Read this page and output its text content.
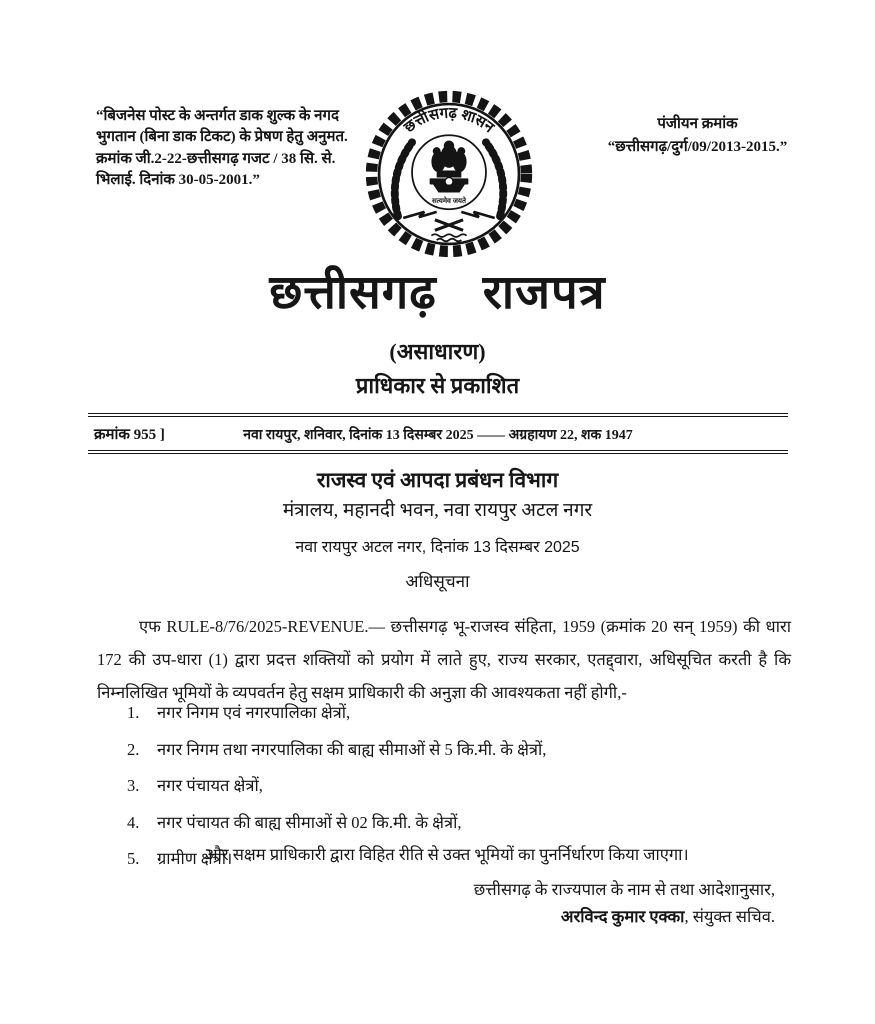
“बिजनेस पोस्ट के अन्तर्गत डाक शुल्क के नगद भुगतान (बिना डाक टिकट) के प्रेषण हेतु अनुमत. क्रमांक जी.2-22-छत्तीसगढ़ गजट / 38 सि. से. भिलाई. दिनांक 30-05-2001.”
पंजीयन क्रमांक
“छत्तीसगढ़/दुर्ग/09/2013-2015.”
छत्तीसगढ़ शासन
सत्यमेव जयते
छत्तीसगढ़ राजपत्र
(असाधारण)
प्राधिकार से प्रकाशित
क्रमांक 955 ]	नवा रायपुर, शनिवार, दिनांक 13 दिसम्बर 2025 —— अग्रहायण 22, शक 1947
राजस्व एवं आपदा प्रबंधन विभाग
मंत्रालय, महानदी भवन, नवा रायपुर अटल नगर
नवा रायपुर अटल नगर, दिनांक 13 दिसम्बर 2025
अधिसूचना
एफ RULE-8/76/2025-REVENUE.— छत्तीसगढ़ भू-राजस्व संहिता, 1959 (क्रमांक 20 सन् 1959) की धारा 172 की उप-धारा (1) द्वारा प्रदत्त शक्तियों को प्रयोग में लाते हुए, राज्य सरकार, एतद्द्वारा, अधिसूचित करती है कि निम्नलिखित भूमियों के व्यपवर्तन हेतु सक्षम प्राधिकारी की अनुज्ञा की आवश्यकता नहीं होगी,-
1.	नगर निगम एवं नगरपालिका क्षेत्रों,
2.	नगर निगम तथा नगरपालिका की बाह्य सीमाओं से 5 कि.मी. के क्षेत्रों,
3.	नगर पंचायत क्षेत्रों,
4.	नगर पंचायत की बाह्य सीमाओं से 02 कि.मी. के क्षेत्रों,
5.	ग्रामीण क्षेत्रों।
और सक्षम प्राधिकारी द्वारा विहित रीति से उक्त भूमियों का पुनर्निर्धारण किया जाएगा।
छत्तीसगढ़ के राज्यपाल के नाम से तथा आदेशानुसार,
अरविन्द कुमार एक्का, संयुक्त सचिव.
